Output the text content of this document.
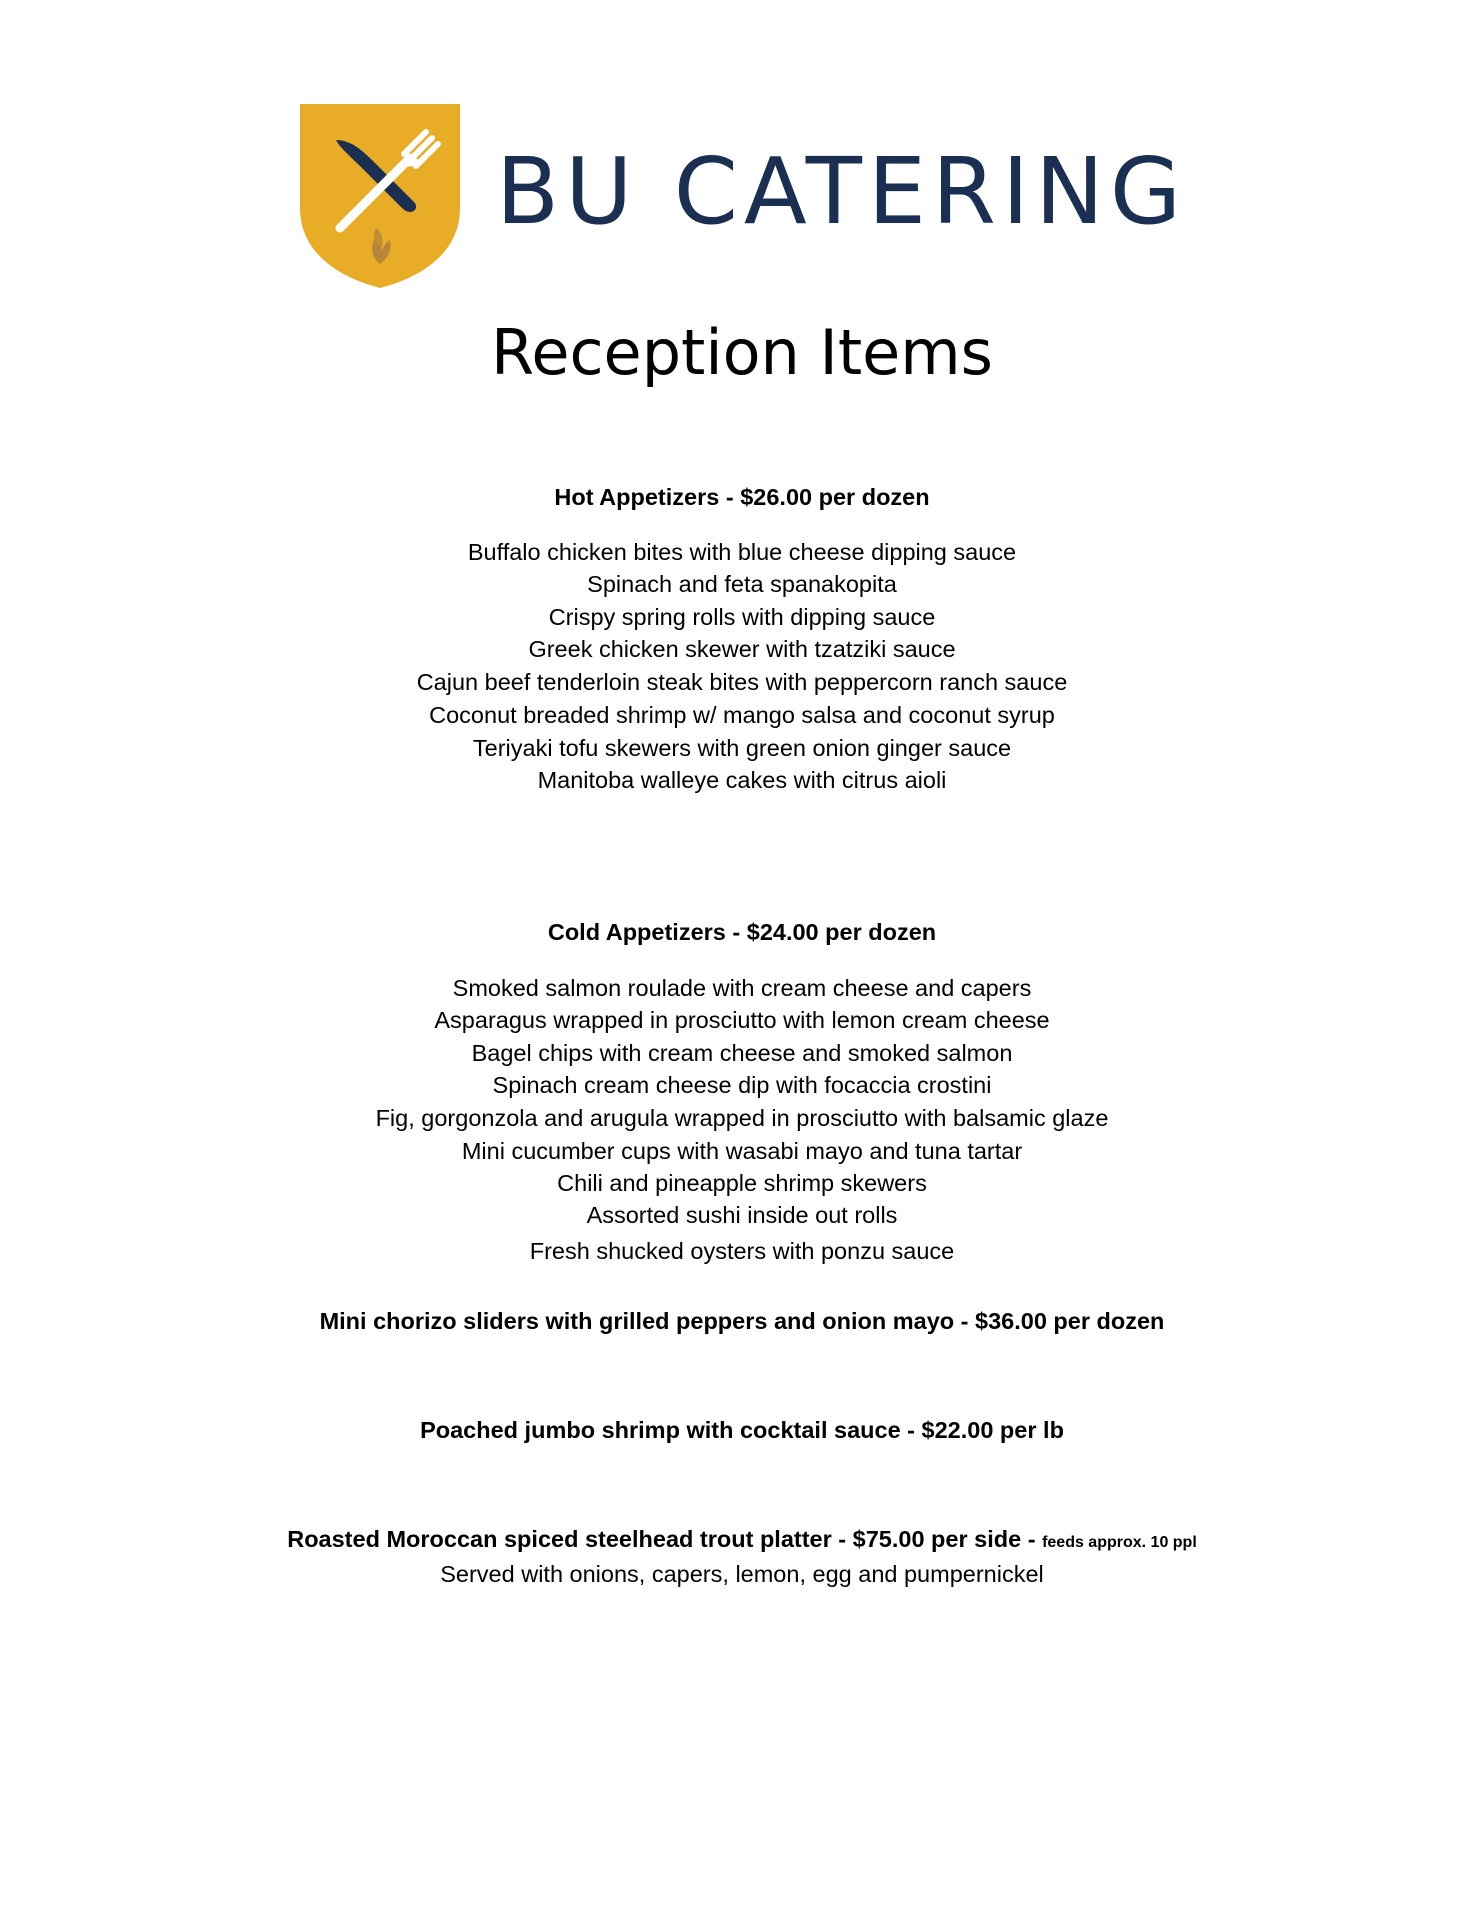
BU CATERING
Reception Items
Hot Appetizers - $26.00 per dozen
Buffalo chicken bites with blue cheese dipping sauce
Spinach and feta spanakopita
Crispy spring rolls with dipping sauce
Greek chicken skewer with tzatziki sauce
Cajun beef tenderloin steak bites with peppercorn ranch sauce
Coconut breaded shrimp w/ mango salsa and coconut syrup
Teriyaki tofu skewers with green onion ginger sauce
Manitoba walleye cakes with citrus aioli
Cold Appetizers - $24.00 per dozen
Smoked salmon roulade with cream cheese and capers
Asparagus wrapped in prosciutto with lemon cream cheese
Bagel chips with cream cheese and smoked salmon
Spinach cream cheese dip with focaccia crostini
Fig, gorgonzola and arugula wrapped in prosciutto with balsamic glaze
Mini cucumber cups with wasabi mayo and tuna tartar
Chili and pineapple shrimp skewers
Assorted sushi inside out rolls
Fresh shucked oysters with ponzu sauce
Mini chorizo sliders with grilled peppers and onion mayo - $36.00 per dozen
Poached jumbo shrimp with cocktail sauce - $22.00 per lb
Roasted Moroccan spiced steelhead trout platter - $75.00 per side - feeds approx. 10 ppl
Served with onions, capers, lemon, egg and pumpernickel
